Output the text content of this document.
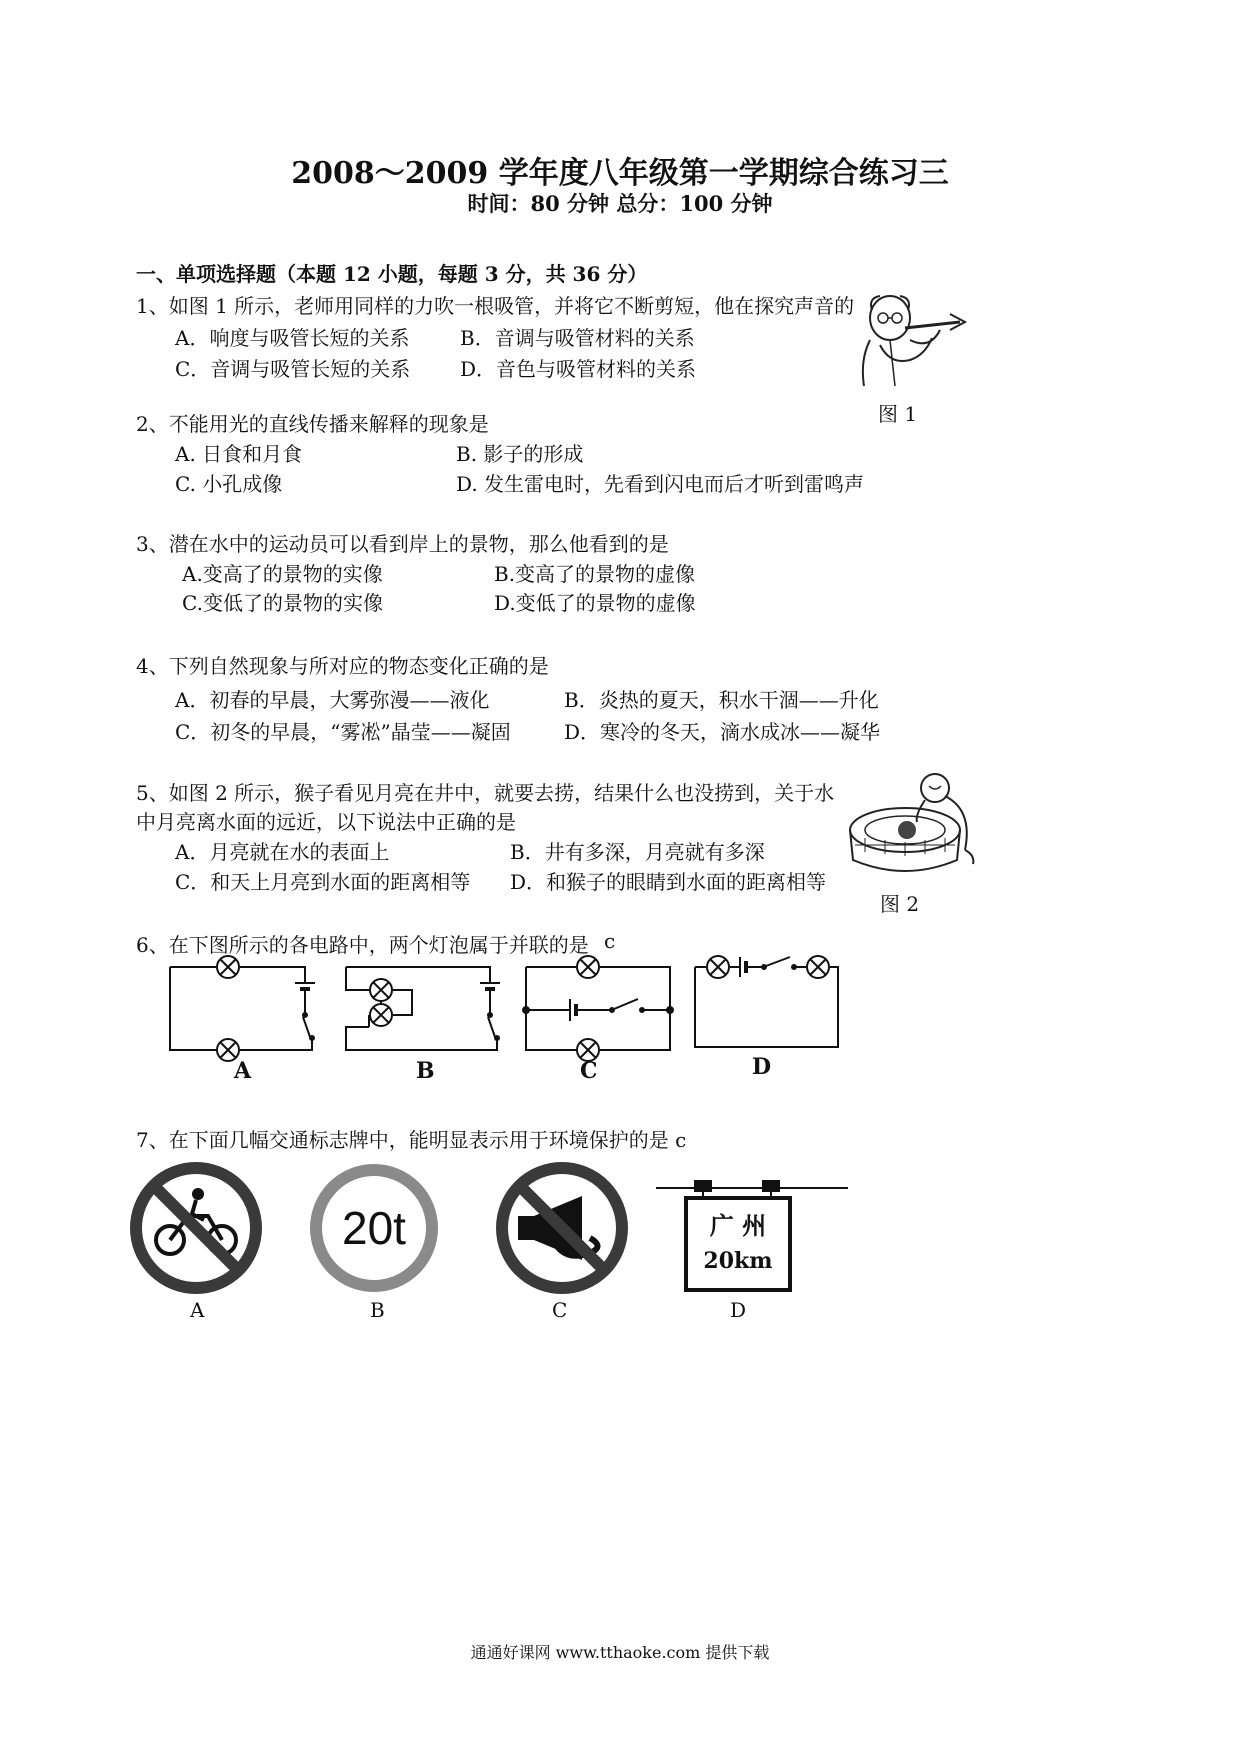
2008～2009 学年度八年级第一学期综合练习三
时间：80 分钟 总分：100 分钟
一、单项选择题（本题 12 小题，每题 3 分，共 36 分）
1、如图 1 所示，老师用同样的力吹一根吸管，并将它不断剪短，他在探究声音的
A．响度与吸管长短的关系	B．音调与吸管材料的关系
C．音调与吸管长短的关系 D．音色与吸管材料的关系
图 1
2、不能用光的直线传播来解释的现象是
A. 日食和月食	B. 影子的形成
C. 小孔成像	D. 发生雷电时，先看到闪电而后才听到雷鸣声
3、潜在水中的运动员可以看到岸上的景物，那么他看到的是
A.变高了的景物的实像	B.变高了的景物的虚像
C.变低了的景物的实像	D.变低了的景物的虚像
4、下列自然现象与所对应的物态变化正确的是
A．初春的早晨，大雾弥漫——液化	B．炎热的夏天，积水干涸——升化
C．初冬的早晨，“雾凇”晶莹——凝固	D．寒冷的冬天，滴水成冰——凝华
5、如图 2 所示，猴子看见月亮在井中，就要去捞，结果什么也没捞到，关于水
中月亮离水面的远近，以下说法中正确的是
A．月亮就在水的表面上	B．井有多深，月亮就有多深
C．和天上月亮到水面的距离相等 D．和猴子的眼睛到水面的距离相等
图 2
6、在下图所示的各电路中，两个灯泡属于并联的是 c
A	B	C	D
7、在下面几幅交通标志牌中，能明显表示用于环境保护的是 c
20t	广 州
20km
A	B	C	D
通通好课网 www.tthaoke.com 提供下载
